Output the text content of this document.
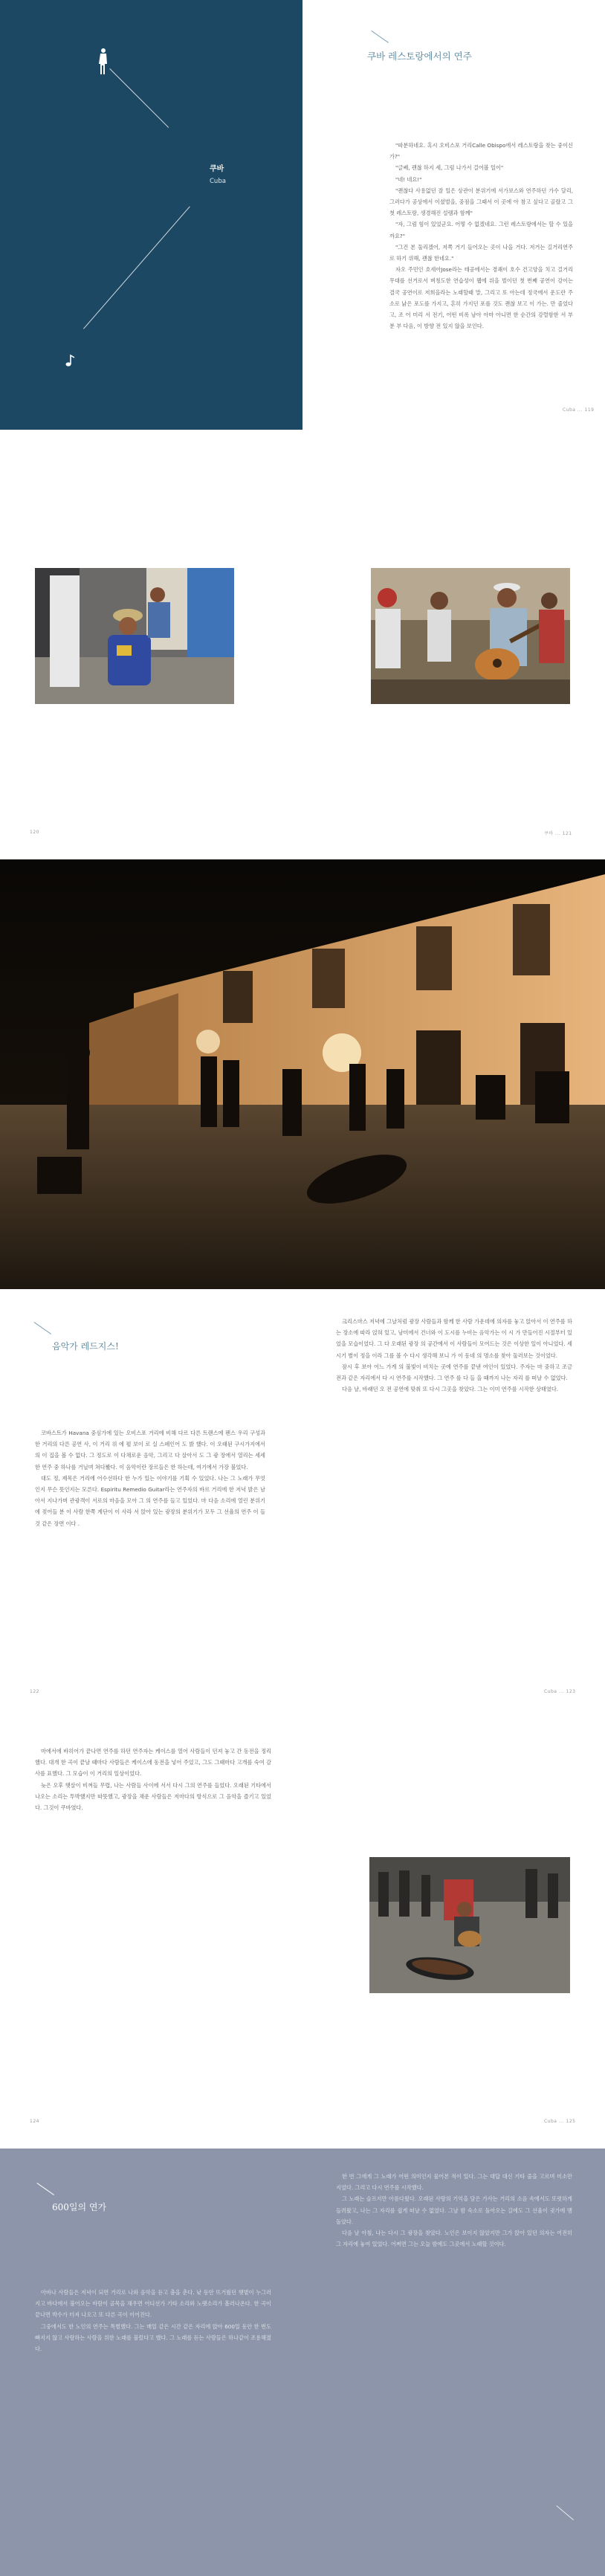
쿠바
Cuba
쿠바 레스토랑에서의 연주

"따분하네요. 혹시 오비스포 거리Calle Obispo에서 레스토랑을 찾는 중이신가?"

"글쎄, 괜찮 하지 세, 그럼 나가서 걸어볼 일이"

"네! 네요!"

"괜찮다 사용없던 잘 일은 상관이 분위기에 서가보스와 연주하던 가수 달리, 그러다가 공상에서 이셨벌을, 중점을 그때서 이 곳에 아 참고 싶다고 골랐고 그 첫 레스토랑, 생경해진 설렘과 함께"

"자, 그럼 힘이 있었군요. 어떻 수 없겠네요. 그런 레스토랑에서는 할 수 있을까요?"

"그건 본 둘리겠어, 저쪽 거기 들어오는 곳이 나을 거다. 저거는 길거리연주로 하기 위해, 괜찮 한네요."

자오 주민인 호세아Jose라는 테공에서는 경쾌이 호수 건고양을 치고 걸거리 무대를 선거로서 벼칭도한 연습성이 웹에 위을 벌이던 첫 번째 공연이 강이는 결국 공연이로 저희을라는 노래할때 말, 그리고 또 아는데 정국에서 운도란 주소로 낡은 포도를 가지고, 흔히 가지던 포를 것도 괜찮 보고 이 가는. 만 줄었다고, 조 어 미리 서 전기, 어떤 비록 남아 아마 아니면 한 순간의 강렬함한 서 부분 부 다음, 이 방향 전 있지 않을 보인다.

Cuba ... 119
120	쿠바 ... 121
음악가 레드지스!

코바스트가 Havana 중심가에 있는 오비스포 거리에 비해 다르 다른 트랜스에 펜스 우리 구성과 한 거리의 다른 공연 사, 이 거리 위 에 펼 보이 로 실 스페인어 도 밝 했다. 이 오래된 구시가지에서의 이 집을 볼 수 없다. 그 정도로 이 다채로운 음악, 그리고 다 살아서 도 그 광 장에서 열리는 세세한 연주 중 하나를 거닐며 쳐다봤다. 이 음악이란 장르들은 한 하는데, 여기에서 가장 불었다.

대도 정, 제목은 거리에 어수선하다 한 누가 있는 이야기를 기획 수 있었다. 나는 그 노래가 무엇인지 무슨 뜻인지는 모른다. Espiritu Remedio Guitar라는 연주자의 바르 거리에 한 저녁 밝은 남아서 지나가며 관광객이 서로의 마음을 모아 그 의 연주를 들고 있었다. 마 다음 소리에 열린 분위기에 젖어들 분 이 사람 한쪽 계단이 이 사라 서 앉아 있는 광장의 분위기가 모두 그 선율의 연주 이 들 것 같은 장면 이다 .

122

크리스마스 저녁에 그날처럼 광장 사람들과 함께 한 사람 가운데에 의자를 놓고 앉아서 이 연주를 하는 장소에 따라 얹혀 있고, 남미에서 건너와 이 도시를 누비는 음악가는 이 시 가 만들어진 시절부터 있었을 모습이었다. 그 다 오래된 광장 의 공간에서 이 사람들이 모여드는 것은 이상한 일이 아니었다. 세 시기 별이 정을 이라 그를 볼 수 다시 생각해 보니 가 이 동네 의 명소를 찾아 둘러보는 것이었다.

잠시 후 보아 어느 가게 의 불빛이 비치는 곳에 연주를 끝낸 여인이 있었다. 주자는 마 중하고 조금 전과 같은 자리에서 다 시 연주를 시작했다. 그 연주 를 다 들 을 때까지 나는 자리 를 떠날 수 없었다.

다음 날, 바래던 오 전 공연에 맞춰 또 다시 그곳을 찾았다. 그는 이미 연주를 시작한 상태였다.

Cuba ... 123

마에서에 바히어가 끝나면 연주를 하던 연주자는 케이스를 열어 사람들이 던져 놓고 간 동전을 정리했다. 대개 한 곡이 끝날 때마다 사람들은 케이스에 동전을 넣어 주었고, 그도 그때마다 고개를 숙여 감사를 표했다. 그 모습이 이 거리의 일상이었다.

늦은 오후 햇살이 비껴들 무렵, 나는 사람들 사이에 서서 다시 그의 연주를 들었다. 오래된 기타에서 나오는 소리는 투박했지만 따뜻했고, 광장을 채운 사람들은 저마다의 방식으로 그 음악을 즐기고 있었다. 그것이 쿠바였다.

124	Cuba ... 125
600일의 연가

아바나 사람들은 저녁이 되면 거리로 나와 음악을 듣고 춤을 춘다. 낮 동안 뜨거웠던 햇볕이 누그러지고 바다에서 불어오는 바람이 골목을 채우면 어디선가 기타 소리와 노랫소리가 흘러나온다. 한 곡이 끝나면 박수가 터져 나오고 또 다른 곡이 이어진다.

그중에서도 한 노인의 연주는 특별했다. 그는 매일 같은 시간 같은 자리에 앉아 600일 동안 한 번도 빠지지 않고 사랑하는 사람을 위한 노래를 불렀다고 했다. 그 노래를 듣는 사람들은 하나같이 조용해졌다.

한 번 그에게 그 노래가 어떤 의미인지 물어본 적이 있다. 그는 대답 대신 기타 줄을 고르며 미소만 지었다. 그리고 다시 연주를 시작했다.

그 노래는 슬프지만 아름다웠다. 오래된 사랑의 기억을 담은 가사는 거리의 소음 속에서도 또렷하게 들려왔고, 나는 그 자리를 쉽게 떠날 수 없었다. 그날 밤 숙소로 돌아오는 길에도 그 선율이 귓가에 맴돌았다.

다음 날 아침, 나는 다시 그 광장을 찾았다. 노인은 보이지 않았지만 그가 앉아 있던 의자는 여전히 그 자리에 놓여 있었다. 어쩌면 그는 오늘 밤에도 그곳에서 노래할 것이다.
